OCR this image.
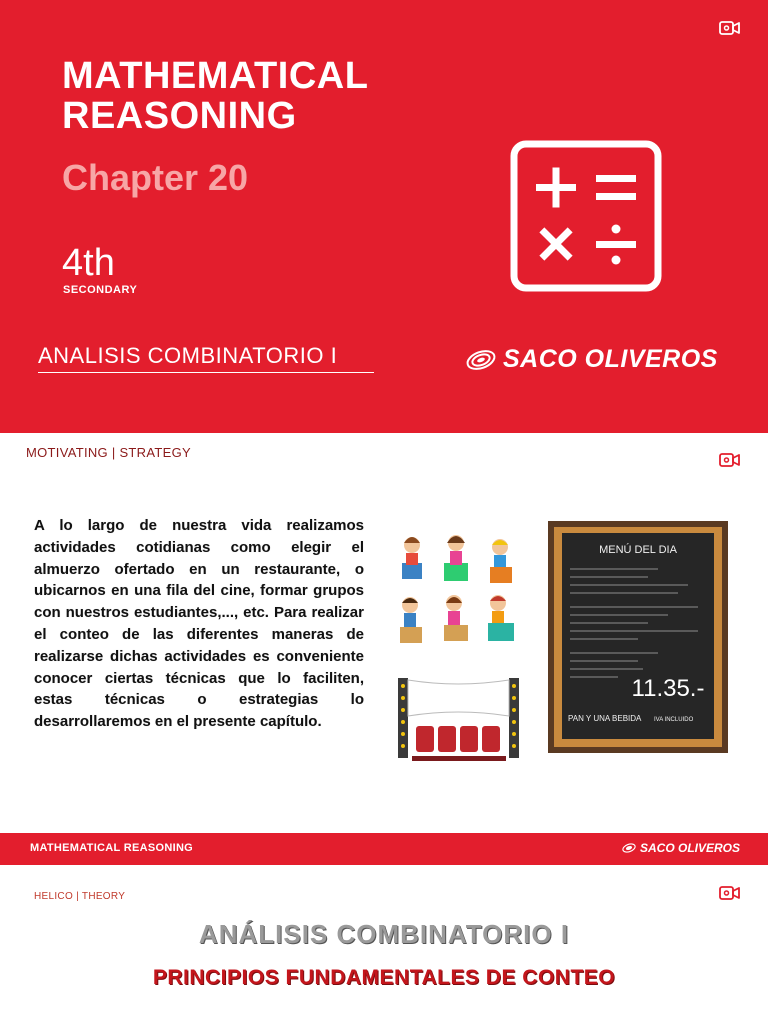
MATHEMATICAL
REASONING
Chapter 20
4th
SECONDARY
ANALISIS COMBINATORIO I	SACO OLIVEROS
MOTIVATING | STRATEGY

A lo largo de nuestra vida realizamos actividades cotidianas como elegir el almuerzo ofertado en un restaurante, o ubicarnos en una fila del cine, formar grupos con nuestros estudiantes,..., etc. Para realizar el conteo de las diferentes maneras de realizarse dichas actividades es conveniente conocer ciertas técnicas que lo faciliten, estas técnicas o estrategias lo desarrollaremos en el presente capítulo.

MENÚ DEL DIA
11.35.-
PAN Y UNA BEBIDA IVA INCLUIDO
MATHEMATICAL REASONING	SACO OLIVEROS
HELICO | THEORY
ANÁLISIS COMBINATORIO I
PRINCIPIOS FUNDAMENTALES DE CONTEO
